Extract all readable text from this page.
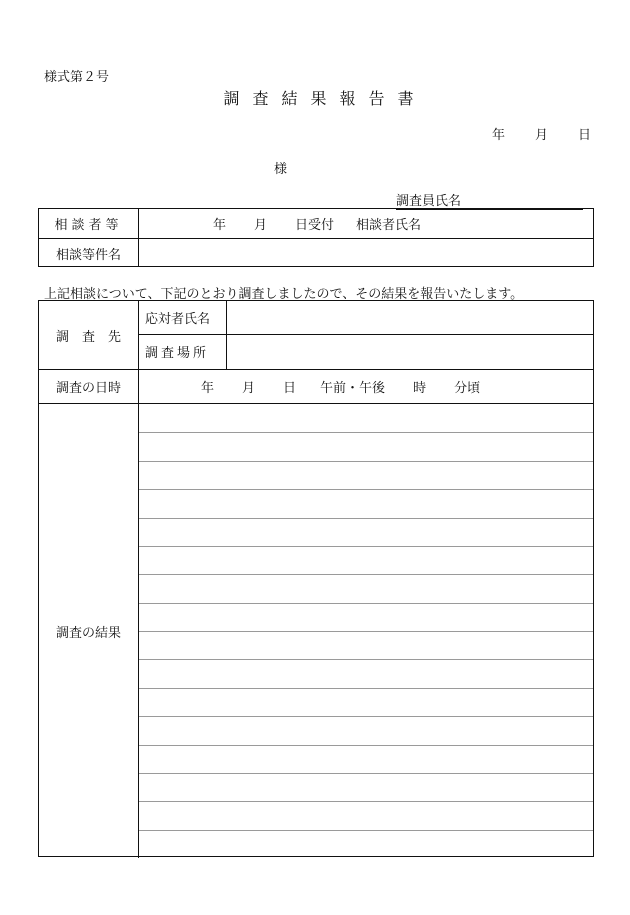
様式第２号
調査結果報告書
年 月 日
様
調査員氏名
相談者等	年 月 日受付 相談者氏名
相談等件名
上記相談について、下記のとおり調査しましたので、その結果を報告いたします。
調　査　先
応対者氏名
調査場所
調査の日時	年 月 日 午前・午後 時 分頃
調査の結果
